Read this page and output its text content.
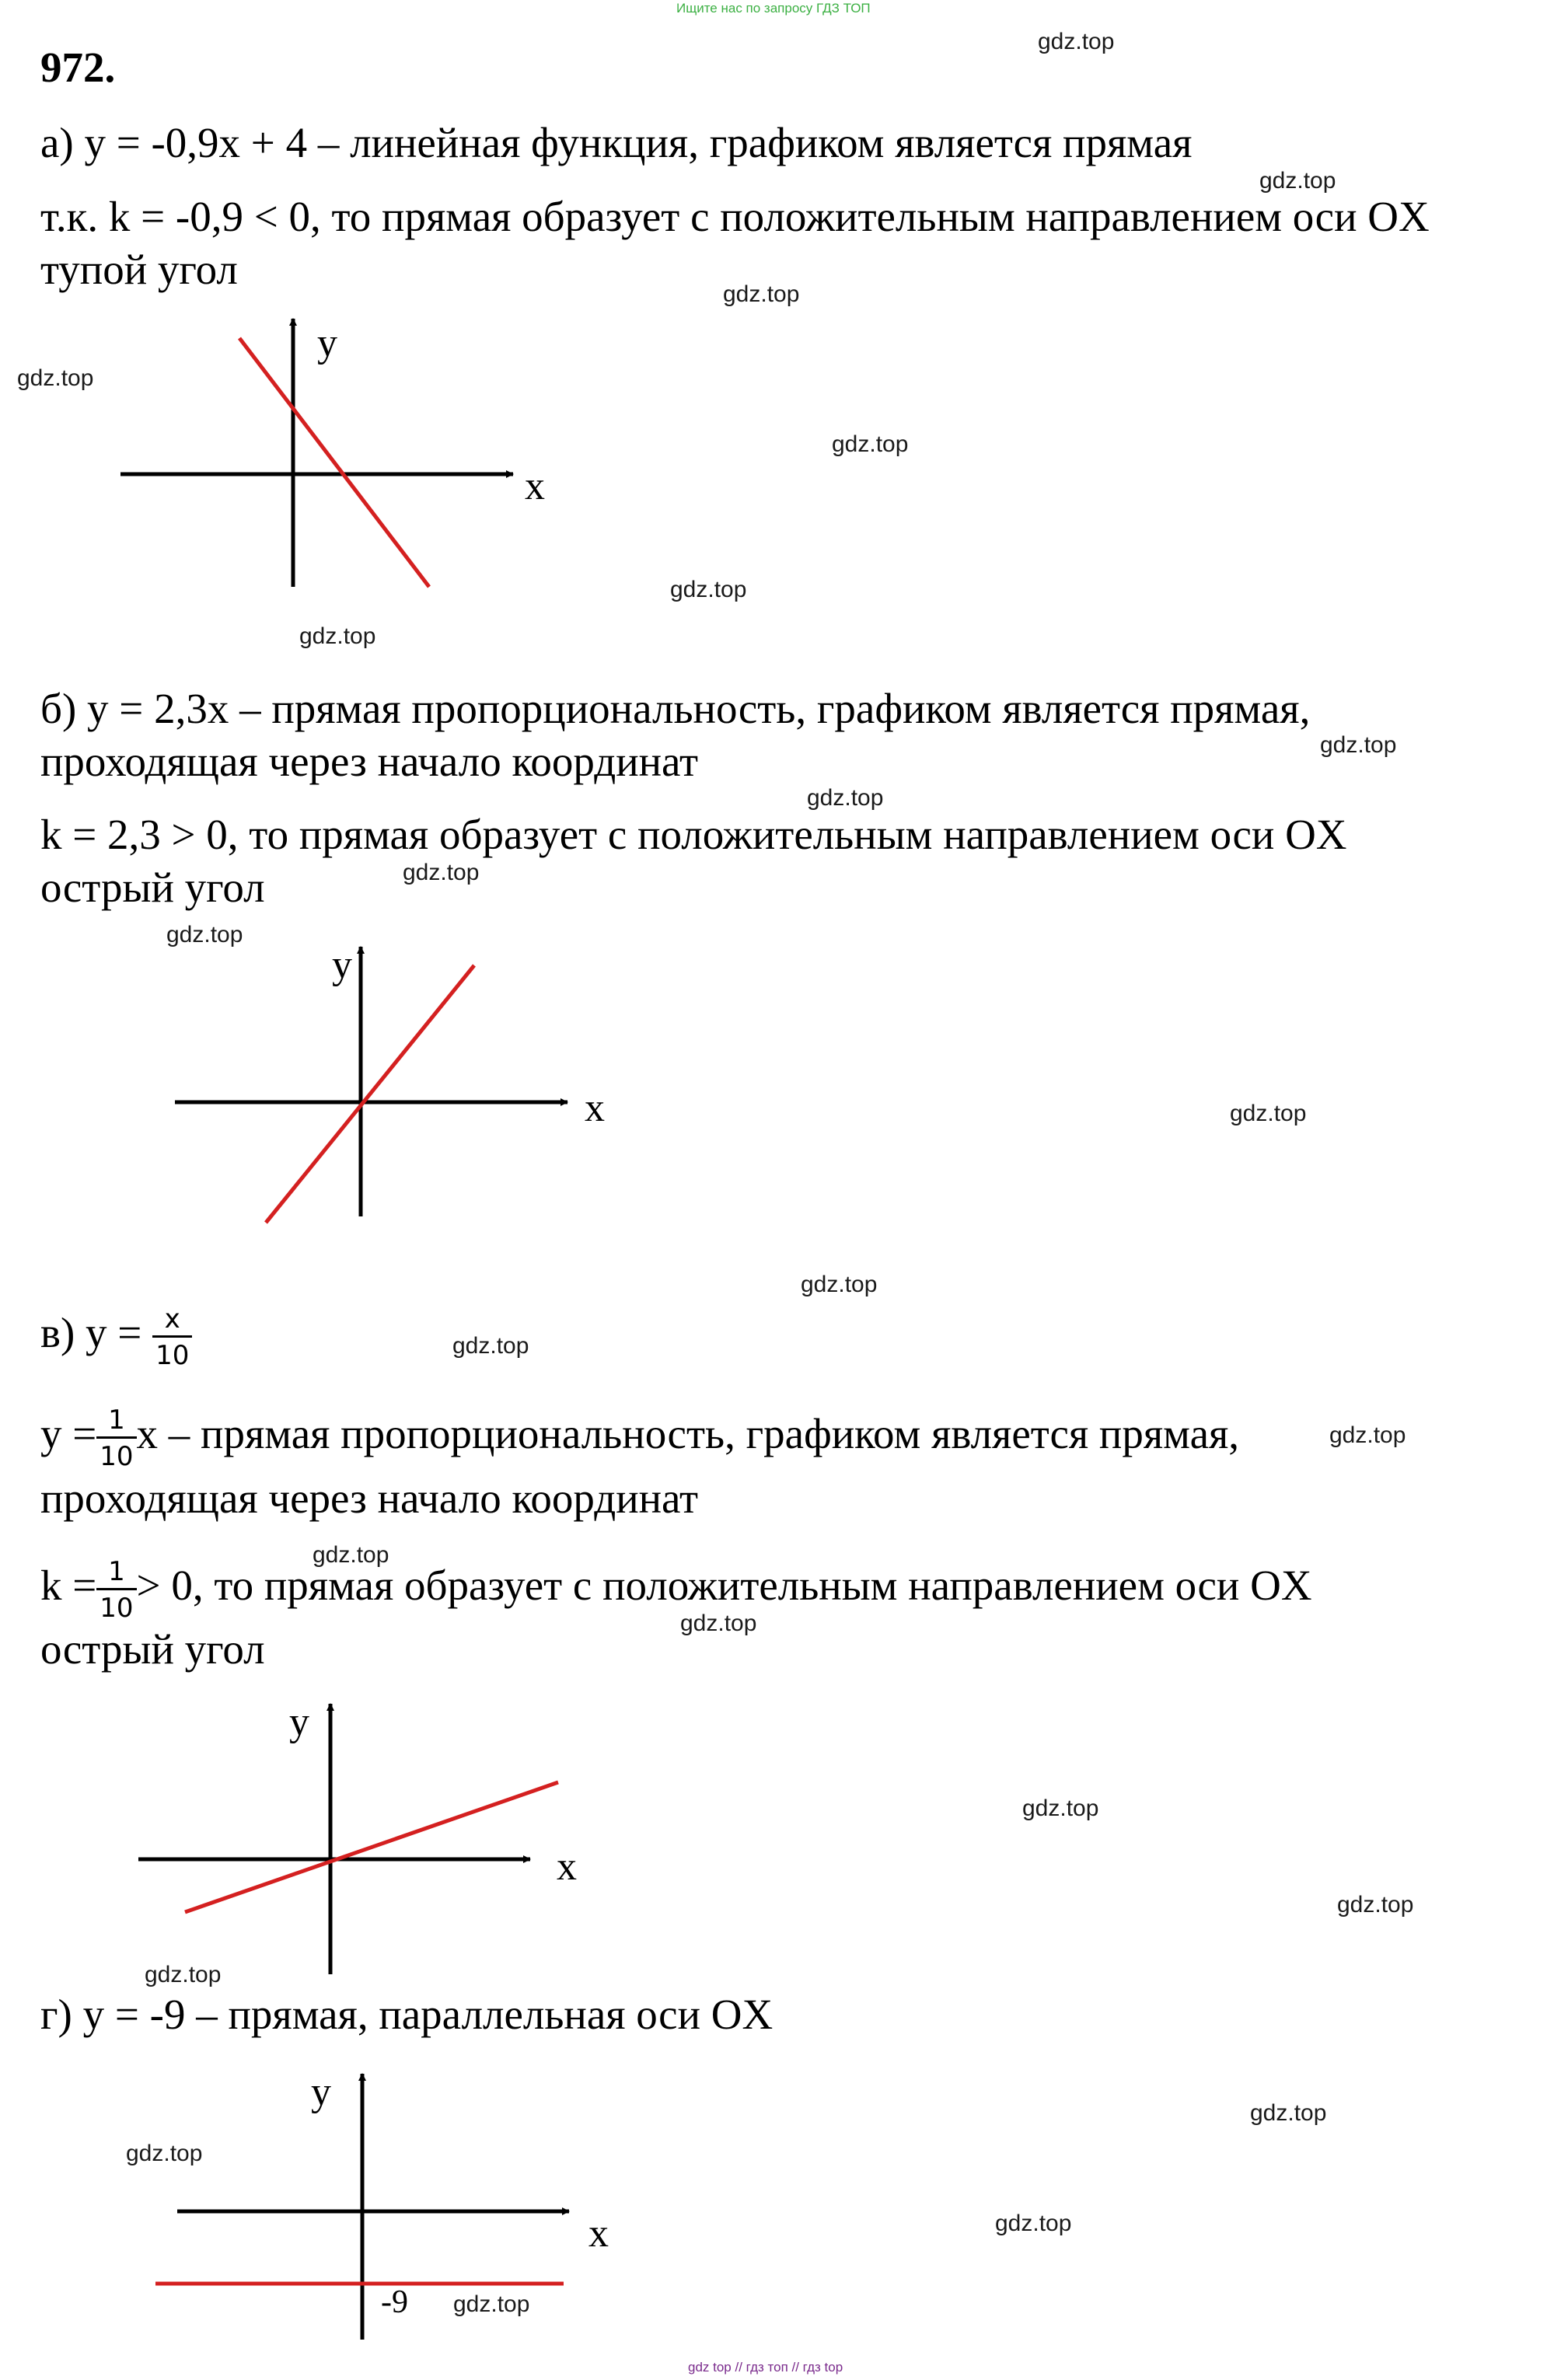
Ищите нас по запросу ГДЗ ТОП
972.
а) y = -0,9x + 4 – линейная функция, графиком является прямая
т.к. k = -0,9 < 0, то прямая образует с положительным направлением оси OX
тупой угол
б) y = 2,3x – прямая пропорциональность, графиком является прямая,
проходящая через начало координат
k = 2,3 > 0, то прямая образует с положительным направлением оси OX
острый угол
в) $y = \frac{x}{10}$
$y = \frac{1}{10}$ x – прямая пропорциональность, графиком является прямая,
проходящая через начало координат
$k = \frac{1}{10} > 0$, то прямая образует с положительным направлением оси OX
острый угол
г) y = -9 – прямая, параллельная оси OX
x
y
x
y
x
y
x
y
-9
gdz.top
gdz.top
gdz.top
gdz.top
gdz.top
gdz.top
gdz.top
gdz.top
gdz.top
gdz.top
gdz.top
gdz.top
gdz.top
gdz.top
gdz.top
gdz.top
gdz.top
gdz.top
gdz.top
gdz.top
gdz.top
gdz.top
gdz.top
gdz.top
gdz top // гдз топ // гдз top
